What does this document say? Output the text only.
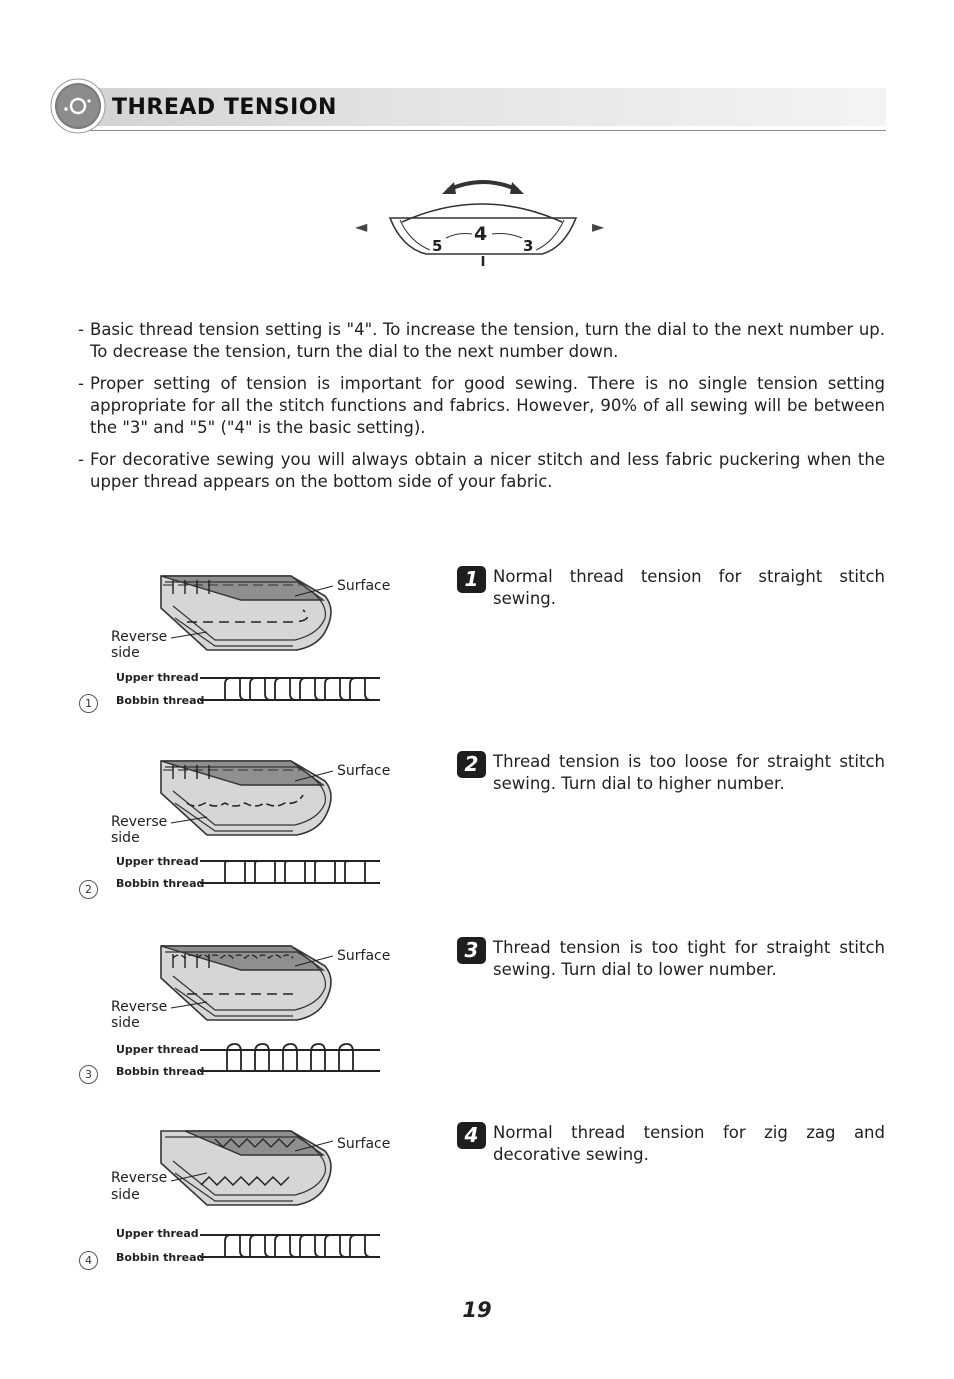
THREAD TENSION
◄	►
4
5	3
- Basic thread tension setting is "4". To increase the tension, turn the dial to the next number up. To decrease the tension, turn the dial to the next number down.
- Proper setting of tension is important for good sewing. There is no single tension setting appropriate for all the stitch functions and fabrics. However, 90% of all sewing will be between the "3" and "5" ("4" is the basic setting).
- For decorative sewing you will always obtain a nicer stitch and less fabric puckering when the upper thread appears on the bottom side of your fabric.
Surface
Reverse
side
Upper thread
Bobbin thread
1
Surface
Reverse
side
Upper thread
Bobbin thread
2
Surface
Reverse
side
Upper thread
Bobbin thread
3
Surface
Reverse
side
Upper thread
Bobbin thread
4
1 Normal thread tension for straight stitch sewing.
2 Thread tension is too loose for straight stitch sewing. Turn dial to higher number.
3 Thread tension is too tight for straight stitch sewing. Turn dial to lower number.
4 Normal thread tension for zig zag and decorative sewing.
19
